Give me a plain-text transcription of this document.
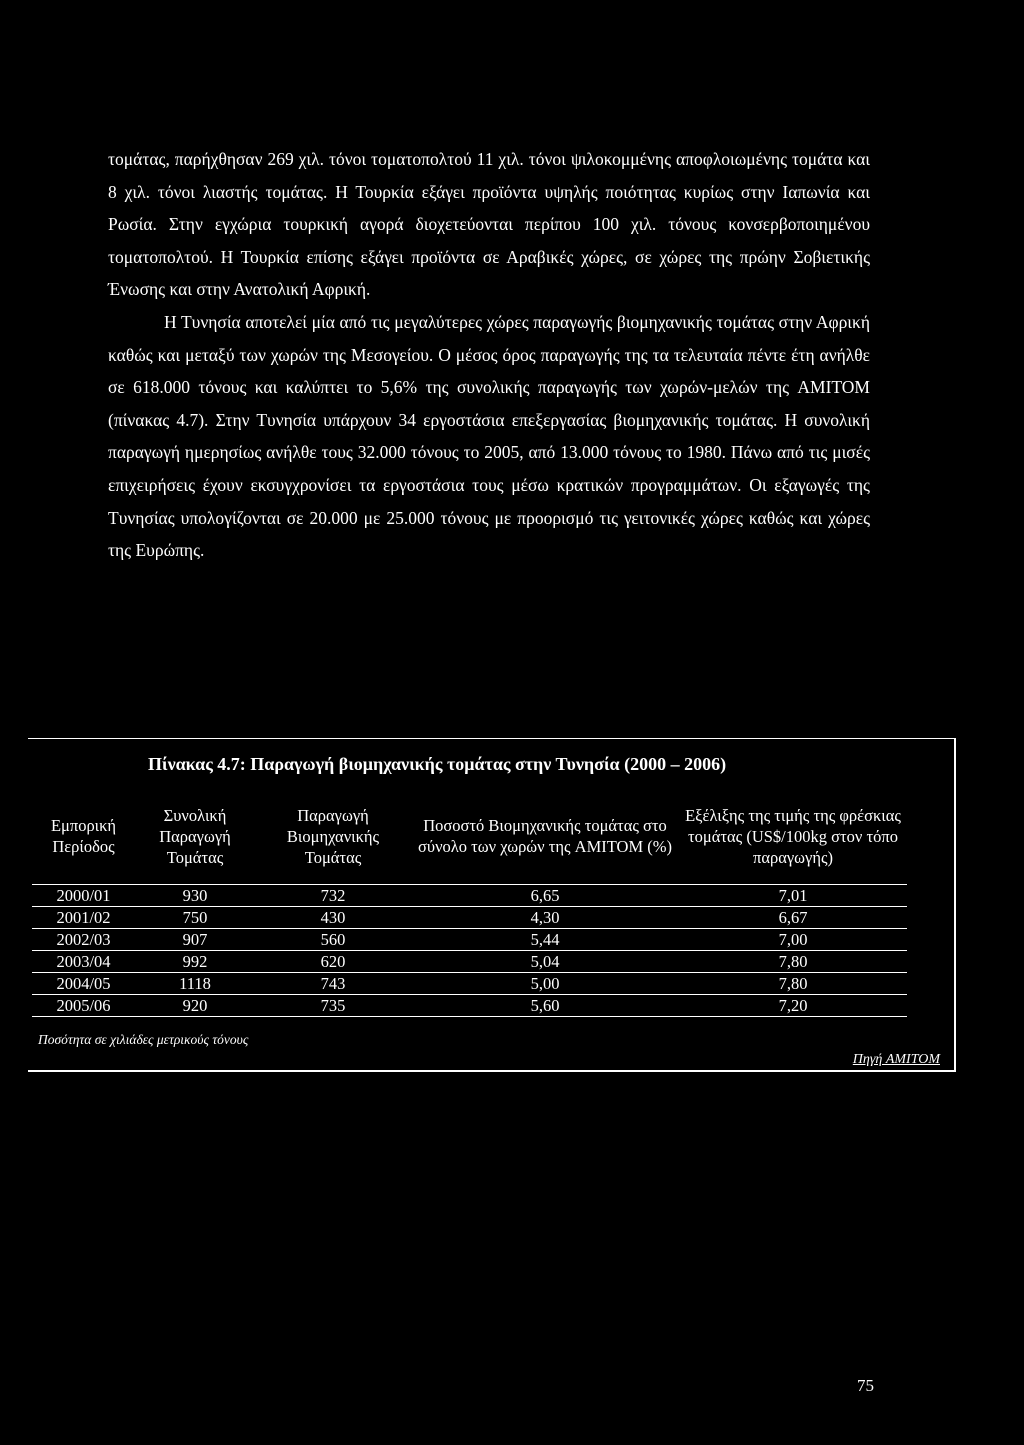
τομάτας, παρήχθησαν 269 χιλ. τόνοι τοματοπολτού 11 χιλ. τόνοι ψιλοκομμένης αποφλοιωμένης τομάτα και 8 χιλ. τόνοι λιαστής τομάτας. Η Τουρκία εξάγει προϊόντα υψηλής ποιότητας κυρίως στην Ιαπωνία και Ρωσία. Στην εγχώρια τουρκική αγορά διοχετεύονται περίπου 100 χιλ. τόνους κονσερβοποιημένου τοματοπολτού. Η Τουρκία επίσης εξάγει προϊόντα σε Αραβικές χώρες, σε χώρες της πρώην Σοβιετικής Ένωσης και στην Ανατολική Αφρική.

Η Τυνησία αποτελεί μία από τις μεγαλύτερες χώρες παραγωγής βιομηχανικής τομάτας στην Αφρική καθώς και μεταξύ των χωρών της Μεσογείου. Ο μέσος όρος παραγωγής της τα τελευταία πέντε έτη ανήλθε σε 618.000 τόνους και καλύπτει το 5,6% της συνολικής παραγωγής των χωρών-μελών της AMITOM (πίνακας 4.7). Στην Τυνησία υπάρχουν 34 εργοστάσια επεξεργασίας βιομηχανικής τομάτας. Η συνολική παραγωγή ημερησίως ανήλθε τους 32.000 τόνους το 2005, από 13.000 τόνους το 1980. Πάνω από τις μισές επιχειρήσεις έχουν εκσυγχρονίσει τα εργοστάσια τους μέσω κρατικών προγραμμάτων. Οι εξαγωγές της Τυνησίας υπολογίζονται σε 20.000 με 25.000 τόνους με προορισμό τις γειτονικές χώρες καθώς και χώρες της Ευρώπης.

Πίνακας 4.7: Παραγωγή βιομηχανικής τομάτας στην Τυνησία (2000 – 2006)
Εμπορική Περίοδος	Συνολική Παραγωγή Τομάτας	Παραγωγή Βιομηχανικής Τομάτας	Ποσοστό Βιομηχανικής τομάτας στο σύνολο των χωρών της AMITOM (%)	Εξέλιξης της τιμής της φρέσκιας τομάτας (US$/100kg στον τόπο παραγωγής)
2000/01	930	732	6,65	7,01
2001/02	750	430	4,30	6,67
2002/03	907	560	5,44	7,00
2003/04	992	620	5,04	7,80
2004/05	1118	743	5,00	7,80
2005/06	920	735	5,60	7,20
Ποσότητα σε χιλιάδες μετρικούς τόνους
Πηγή AMITOM
75
